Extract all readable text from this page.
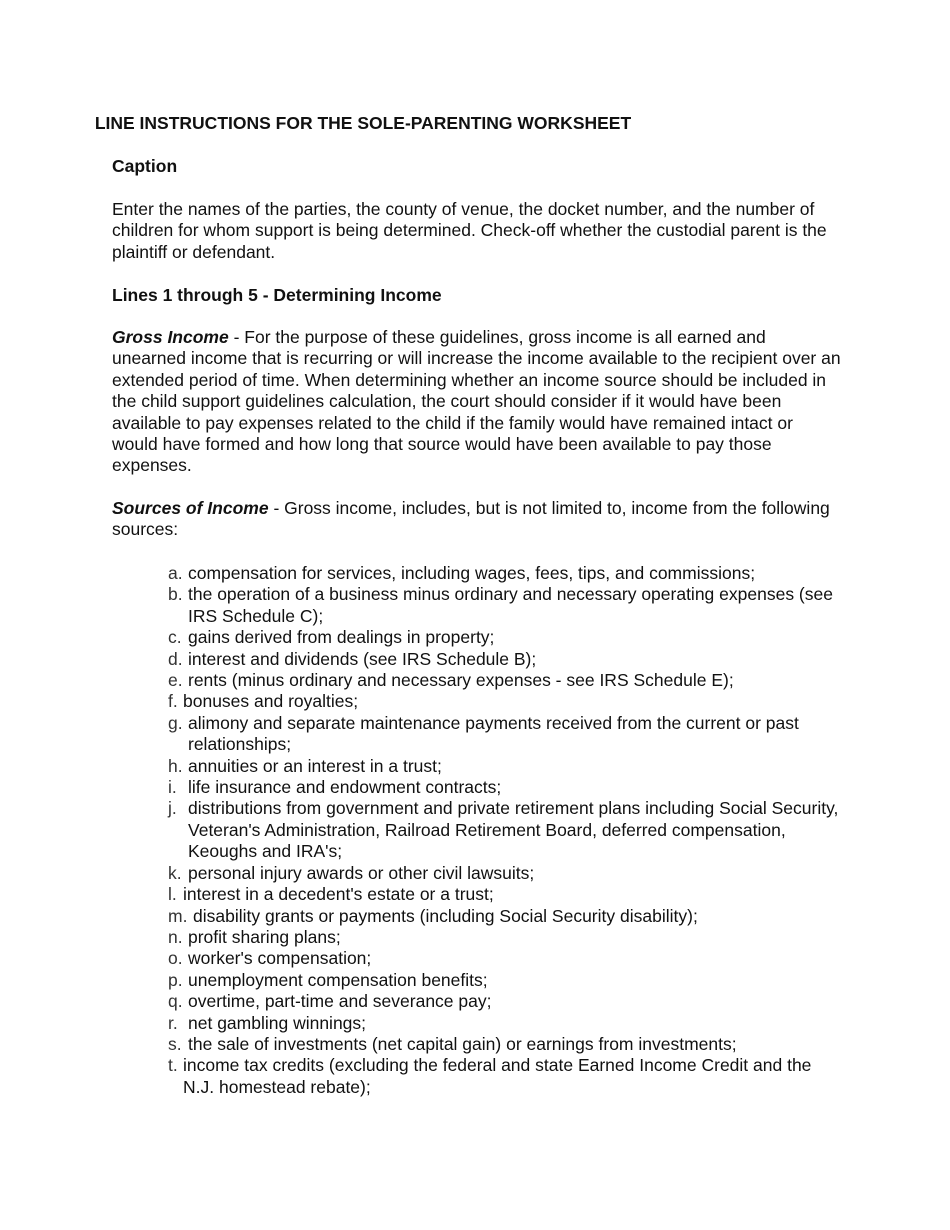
LINE INSTRUCTIONS FOR THE SOLE-PARENTING WORKSHEET
Caption

Enter the names of the parties, the county of venue, the docket number, and the number of children for whom support is being determined. Check-off whether the custodial parent is the plaintiff or defendant.

Lines 1 through 5 - Determining Income

Gross Income - For the purpose of these guidelines, gross income is all earned and unearned income that is recurring or will increase the income available to the recipient over an extended period of time. When determining whether an income source should be included in the child support guidelines calculation, the court should consider if it would have been available to pay expenses related to the child if the family would have remained intact or would have formed and how long that source would have been available to pay those expenses.

Sources of Income - Gross income, includes, but is not limited to, income from the following sources:

a. compensation for services, including wages, fees, tips, and commissions;
b. the operation of a business minus ordinary and necessary operating expenses (see IRS Schedule C);
c. gains derived from dealings in property;
d. interest and dividends (see IRS Schedule B);
e. rents (minus ordinary and necessary expenses - see IRS Schedule E);
f. bonuses and royalties;
g. alimony and separate maintenance payments received from the current or past relationships;
h. annuities or an interest in a trust;
i. life insurance and endowment contracts;
j. distributions from government and private retirement plans including Social Security, Veteran's Administration, Railroad Retirement Board, deferred compensation, Keoughs and IRA's;
k. personal injury awards or other civil lawsuits;
l. interest in a decedent's estate or a trust;
m. disability grants or payments (including Social Security disability);
n. profit sharing plans;
o. worker's compensation;
p. unemployment compensation benefits;
q. overtime, part-time and severance pay;
r. net gambling winnings;
s. the sale of investments (net capital gain) or earnings from investments;
t. income tax credits (excluding the federal and state Earned Income Credit and the N.J. homestead rebate);
